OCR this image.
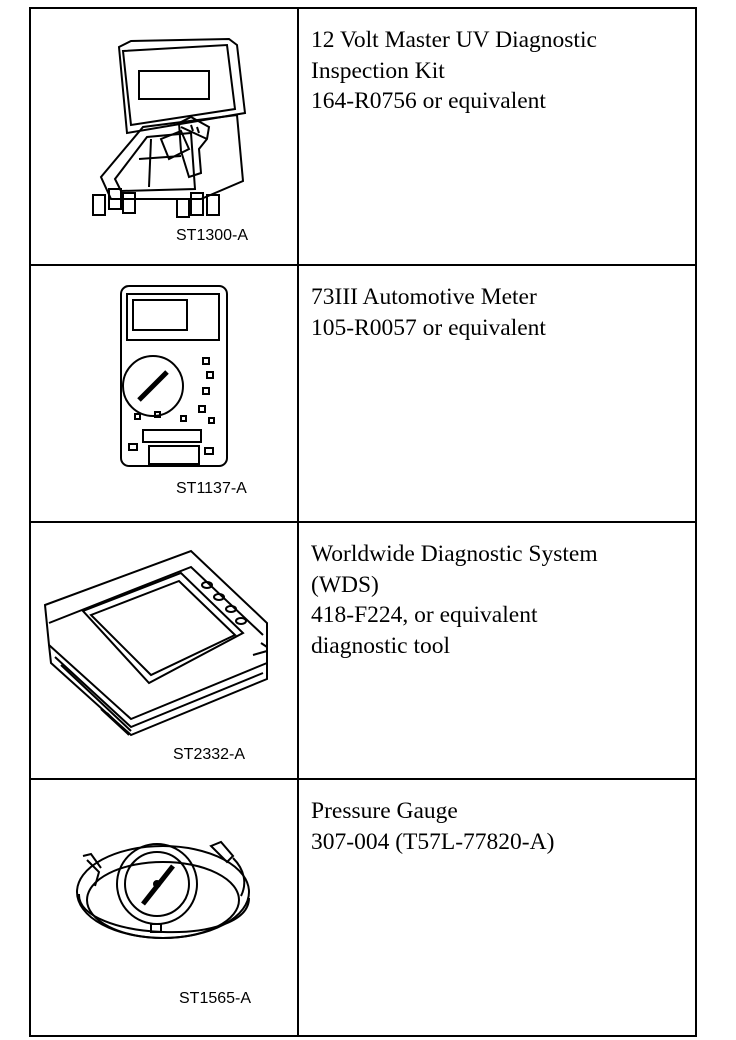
ST1300-A	12 Volt Master UV Diagnostic
Inspection Kit
164-R0756 or equivalent

ST1137-A	73III Automotive Meter
105-R0057 or equivalent

ST2332-A	Worldwide Diagnostic System
(WDS)
418-F224, or equivalent
diagnostic tool

ST1565-A	Pressure Gauge
307-004 (T57L-77820-A)
